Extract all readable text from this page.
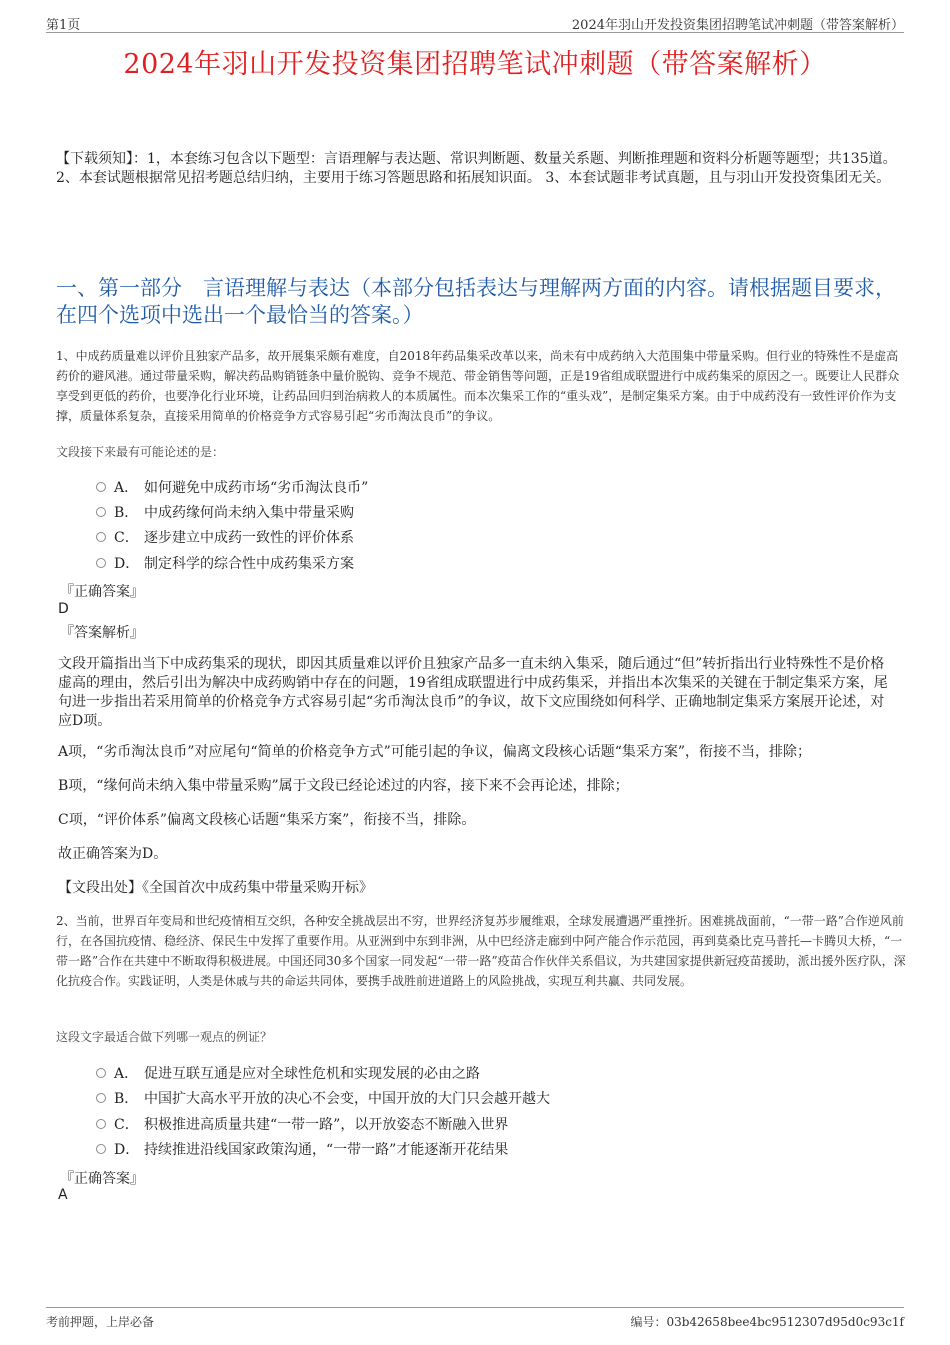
第1页	2024年羽山开发投资集团招聘笔试冲刺题（带答案解析）
2024年羽山开发投资集团招聘笔试冲刺题（带答案解析）
【下载须知】：1，本套练习包含以下题型：言语理解与表达题、常识判断题、数量关系题、判断推理题和资料分析题等题型；共135道。 2、本套试题根据常见招考题总结归纳，主要用于练习答题思路和拓展知识面。 3、本套试题非考试真题，且与羽山开发投资集团无关。
一、第一部分　言语理解与表达（本部分包括表达与理解两方面的内容。请根据题目要求，在四个选项中选出一个最恰当的答案。）
1、中成药质量难以评价且独家产品多，故开展集采颇有难度，自2018年药品集采改革以来，尚未有中成药纳入大范围集中带量采购。但行业的特殊性不是虚高药价的避风港。通过带量采购，解决药品购销链条中量价脱钩、竞争不规范、带金销售等问题，正是19省组成联盟进行中成药集采的原因之一。既要让人民群众享受到更低的药价，也要净化行业环境，让药品回归到治病救人的本质属性。而本次集采工作的“重头戏”，是制定集采方案。由于中成药没有一致性评价作为支撑，质量体系复杂，直接采用简单的价格竞争方式容易引起“劣币淘汰良币”的争议。
文段接下来最有可能论述的是：
A． 如何避免中成药市场“劣币淘汰良币”
B． 中成药缘何尚未纳入集中带量采购
C． 逐步建立中成药一致性的评价体系
D． 制定科学的综合性中成药集采方案
『正确答案』
D
『答案解析』
文段开篇指出当下中成药集采的现状，即因其质量难以评价且独家产品多一直未纳入集采，随后通过“但”转折指出行业特殊性不是价格虚高的理由，然后引出为解决中成药购销中存在的问题，19省组成联盟进行中成药集采，并指出本次集采的关键在于制定集采方案，尾句进一步指出若采用简单的价格竞争方式容易引起“劣币淘汰良币”的争议，故下文应围绕如何科学、正确地制定集采方案展开论述，对应D项。
A项，“劣币淘汰良币”对应尾句“简单的价格竞争方式”可能引起的争议，偏离文段核心话题“集采方案”，衔接不当，排除；
B项，“缘何尚未纳入集中带量采购”属于文段已经论述过的内容，接下来不会再论述，排除；
C项，“评价体系”偏离文段核心话题“集采方案”，衔接不当，排除。
故正确答案为D。
【文段出处】《全国首次中成药集中带量采购开标》
2、当前，世界百年变局和世纪疫情相互交织，各种安全挑战层出不穷，世界经济复苏步履维艰，全球发展遭遇严重挫折。困难挑战面前，“一带一路”合作逆风前行，在各国抗疫情、稳经济、保民生中发挥了重要作用。从亚洲到中东到非洲，从中巴经济走廊到中阿产能合作示范园，再到莫桑比克马普托—卡腾贝大桥，“一带一路”合作在共建中不断取得积极进展。中国还同30多个国家一同发起“一带一路”疫苗合作伙伴关系倡议，为共建国家提供新冠疫苗援助，派出援外医疗队，深化抗疫合作。实践证明，人类是休戚与共的命运共同体，要携手战胜前进道路上的风险挑战，实现互利共赢、共同发展。
这段文字最适合做下列哪一观点的例证？
A． 促进互联互通是应对全球性危机和实现发展的必由之路
B． 中国扩大高水平开放的决心不会变，中国开放的大门只会越开越大
C． 积极推进高质量共建“一带一路”，以开放姿态不断融入世界
D． 持续推进沿线国家政策沟通，“一带一路”才能逐渐开花结果
『正确答案』
A
考前押题，上岸必备	编号：03b42658bee4bc9512307d95d0c93c1f
